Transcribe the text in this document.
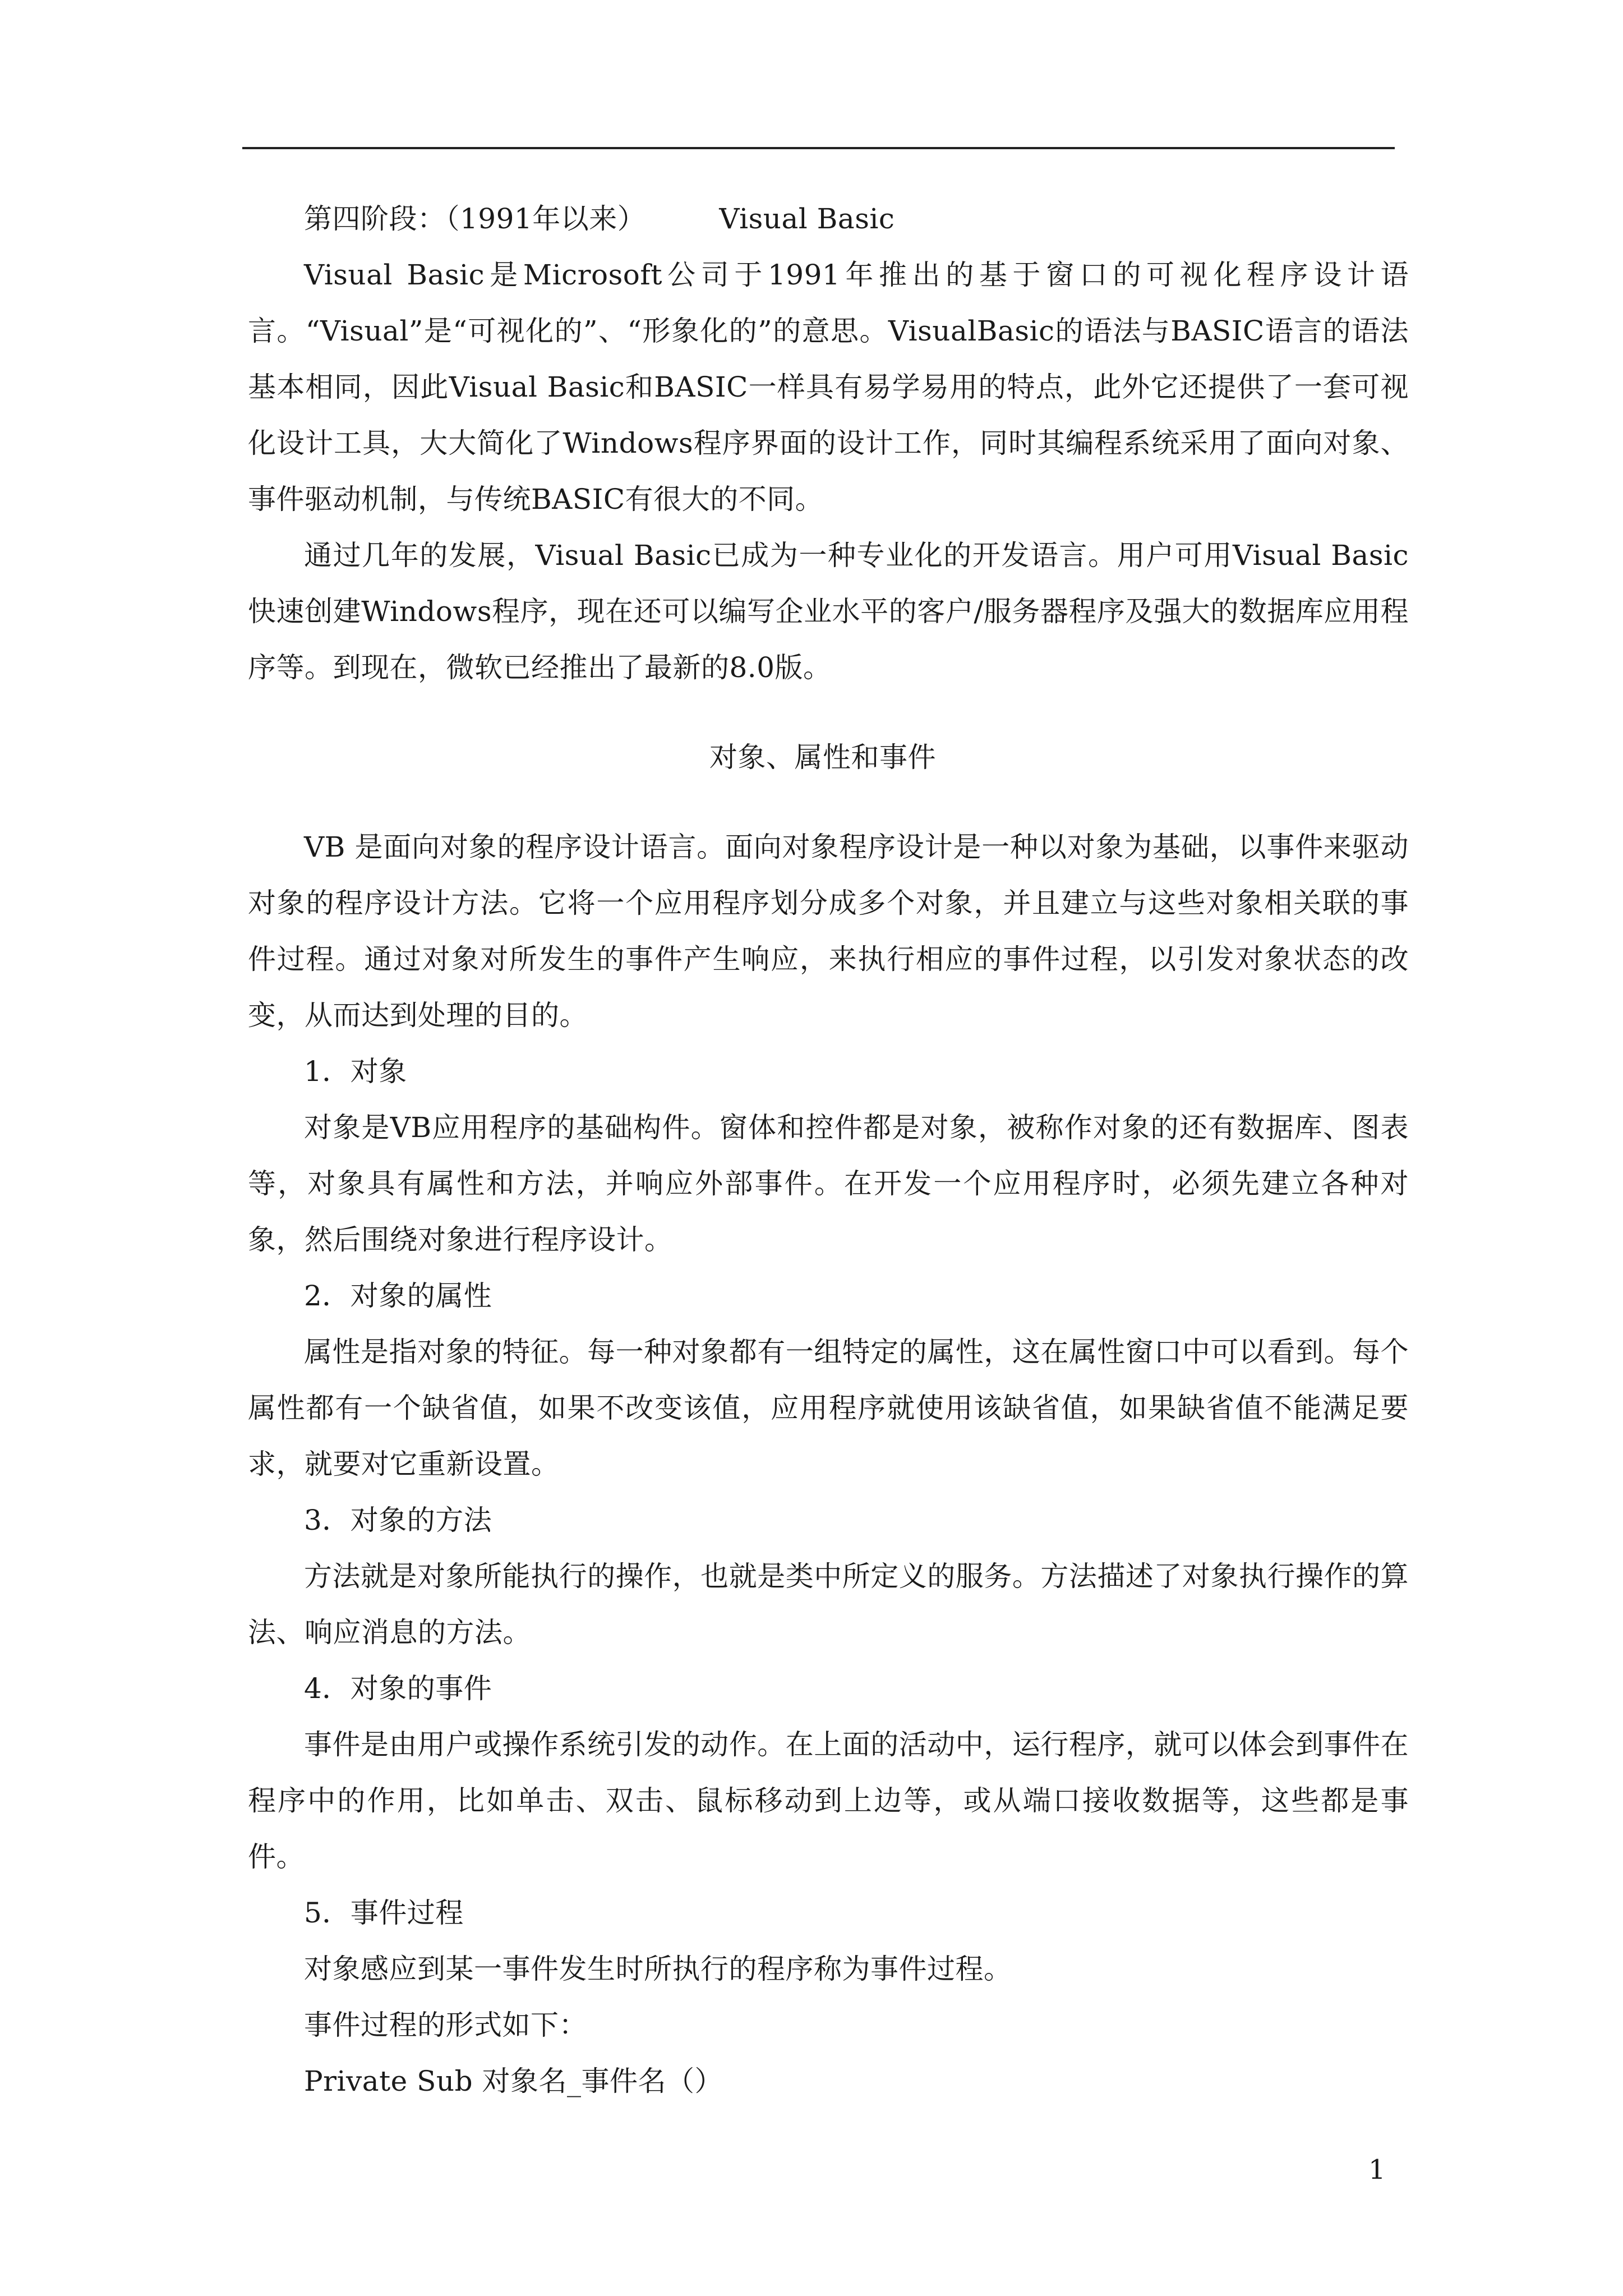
第四阶段：（1991年以来）        Visual Basic

Visual Basic是Microsoft公司于1991年推出的基于窗口的可视化程序设计语言。“Visual”是“可视化的”、“形象化的”的意思。VisualBasic的语法与BASIC语言的语法基本相同，因此Visual Basic和BASIC一样具有易学易用的特点，此外它还提供了一套可视化设计工具，大大简化了Windows程序界面的设计工作，同时其编程系统采用了面向对象、事件驱动机制，与传统BASIC有很大的不同。

通过几年的发展，Visual Basic已成为一种专业化的开发语言。用户可用Visual Basic快速创建Windows程序，现在还可以编写企业水平的客户/服务器程序及强大的数据库应用程序等。到现在，微软已经推出了最新的8.0版。

对象、属性和事件

VB 是面向对象的程序设计语言。面向对象程序设计是一种以对象为基础，以事件来驱动对象的程序设计方法。它将一个应用程序划分成多个对象，并且建立与这些对象相关联的事件过程。通过对象对所发生的事件产生响应，来执行相应的事件过程，以引发对象状态的改变，从而达到处理的目的。

1．对象

对象是VB应用程序的基础构件。窗体和控件都是对象，被称作对象的还有数据库、图表等，对象具有属性和方法，并响应外部事件。在开发一个应用程序时，必须先建立各种对象，然后围绕对象进行程序设计。

2．对象的属性

属性是指对象的特征。每一种对象都有一组特定的属性，这在属性窗口中可以看到。每个属性都有一个缺省值，如果不改变该值，应用程序就使用该缺省值，如果缺省值不能满足要求，就要对它重新设置。

3．对象的方法

方法就是对象所能执行的操作，也就是类中所定义的服务。方法描述了对象执行操作的算法、响应消息的方法。

4．对象的事件

事件是由用户或操作系统引发的动作。在上面的活动中，运行程序，就可以体会到事件在程序中的作用，比如单击、双击、鼠标移动到上边等，或从端口接收数据等，这些都是事件。

5．事件过程

对象感应到某一事件发生时所执行的程序称为事件过程。

事件过程的形式如下：

Private Sub 对象名_事件名（）

1
